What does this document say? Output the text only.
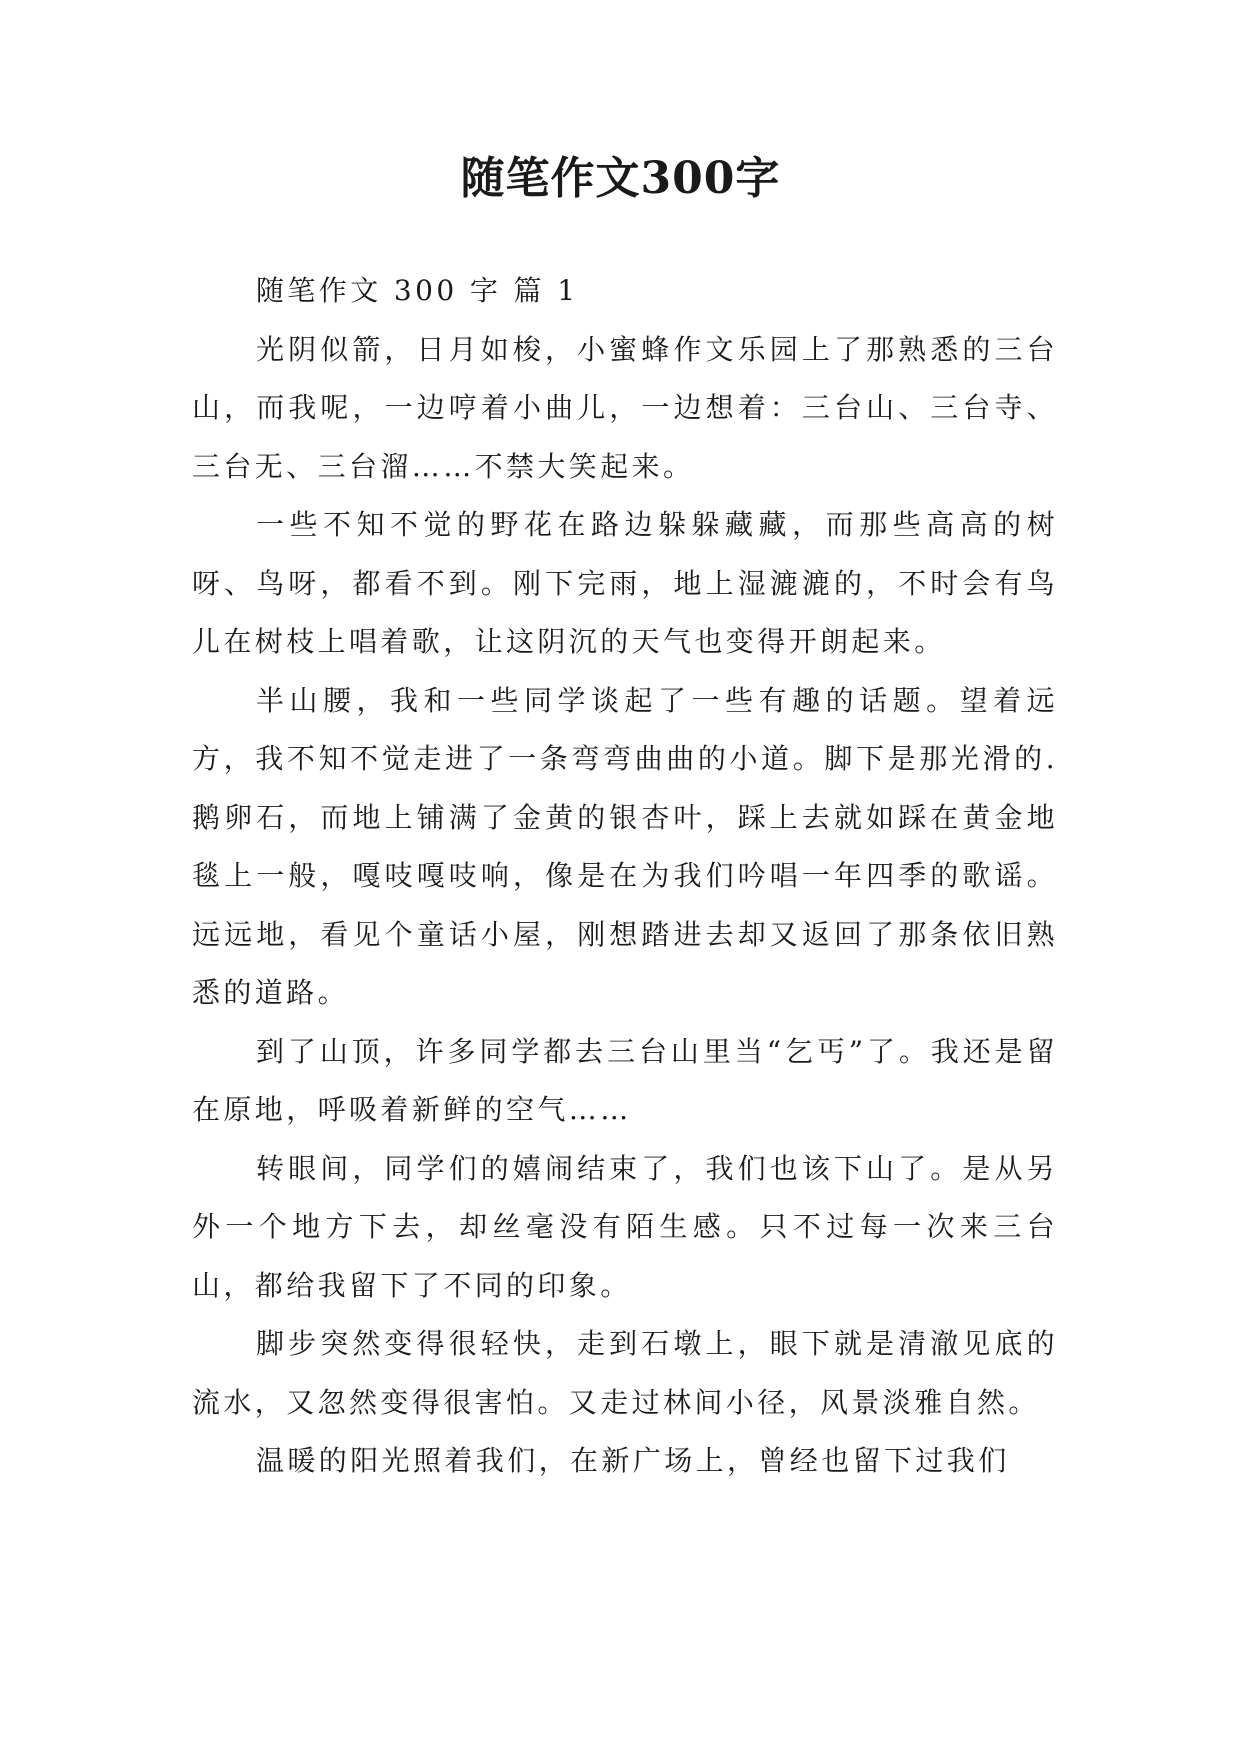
随笔作文300字

随笔作文 300 字 篇 1

光阴似箭，日月如梭，小蜜蜂作文乐园上了那熟悉的三台山，而我呢，一边哼着小曲儿，一边想着：三台山、三台寺、三台无、三台溜……不禁大笑起来。

一些不知不觉的野花在路边躲躲藏藏，而那些高高的树呀、鸟呀，都看不到。刚下完雨，地上湿漉漉的，不时会有鸟儿在树枝上唱着歌，让这阴沉的天气也变得开朗起来。

半山腰，我和一些同学谈起了一些有趣的话题。望着远方，我不知不觉走进了一条弯弯曲曲的小道。脚下是那光滑的.鹅卵石，而地上铺满了金黄的银杏叶，踩上去就如踩在黄金地毯上一般，嘎吱嘎吱响，像是在为我们吟唱一年四季的歌谣。远远地，看见个童话小屋，刚想踏进去却又返回了那条依旧熟悉的道路。

到了山顶，许多同学都去三台山里当“乞丐”了。我还是留在原地，呼吸着新鲜的空气……

转眼间，同学们的嬉闹结束了，我们也该下山了。是从另外一个地方下去，却丝毫没有陌生感。只不过每一次来三台山，都给我留下了不同的印象。

脚步突然变得很轻快，走到石墩上，眼下就是清澈见底的流水，又忽然变得很害怕。又走过林间小径，风景淡雅自然。

温暖的阳光照着我们，在新广场上，曾经也留下过我们
